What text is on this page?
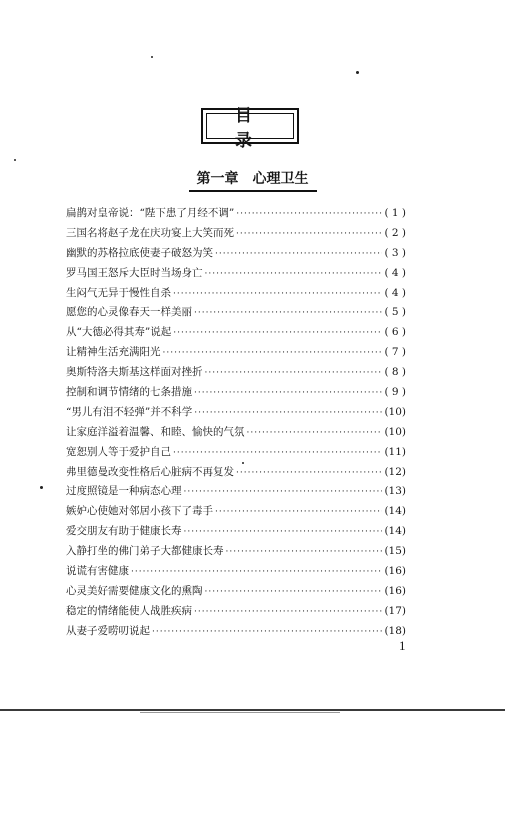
目 录
第一章 心理卫生
扁鹊对皇帝说：“陛下患了月经不调” ·····	( 1 )
三国名将赵子龙在庆功宴上大笑而死 ·····	( 2 )
幽默的苏格拉底使妻子破怒为笑 ·····	( 3 )
罗马国王怒斥大臣时当场身亡 ·····	( 4 )
生闷气无异于慢性自杀 ·····	( 4 )
愿您的心灵像春天一样美丽 ·····	( 5 )
从“大德必得其寿”说起 ·····	( 6 )
让精神生活充满阳光 ·····	( 7 )
奥斯特洛夫斯基这样面对挫折 ·····	( 8 )
控制和调节情绪的七条措施 ·····	( 9 )
“男儿有泪不轻弹”并不科学 ·····	(10)
让家庭洋溢着温馨、和睦、愉快的气氛 ·····	(10)
宽恕别人等于爱护自己 ·····	(11)
弗里德曼改变性格后心脏病不再复发 ·····	(12)
过度照镜是一种病态心理 ·····	(13)
嫉妒心使她对邻居小孩下了毒手 ·····	(14)
爱交朋友有助于健康长寿 ·····	(14)
入静打坐的佛门弟子大都健康长寿 ·····	(15)
说谎有害健康 ·····	(16)
心灵美好需要健康文化的熏陶 ·····	(16)
稳定的情绪能使人战胜疾病 ·····	(17)
从妻子爱唠叨说起 ·····	(18)
1
